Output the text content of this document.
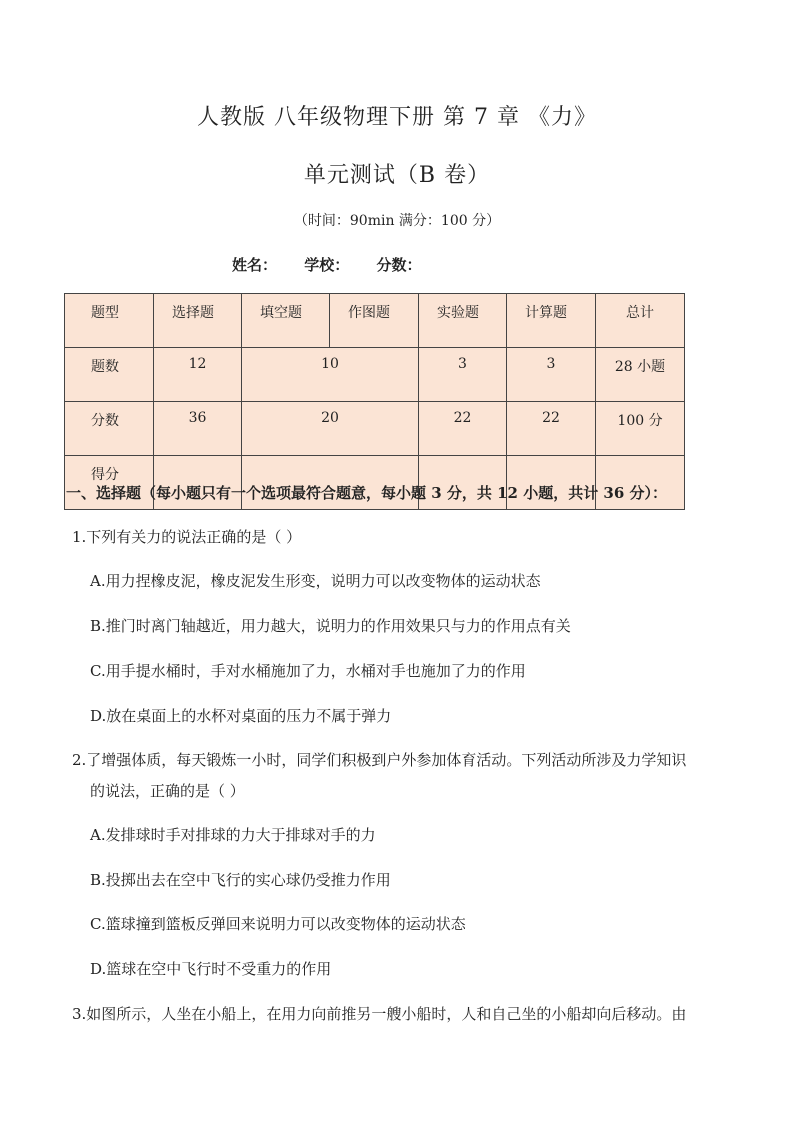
人教版 八年级物理下册 第 7 章 《力》
单元测试（B 卷）
（时间：90min 满分：100 分）
姓名： 学校： 分数：
题型	选择题	填空题	作图题	实验题	计算题	总计
题数	12	10		3	3	28 小题
分数	36	20		22	22	100 分
得分						
一、选择题（每小题只有一个选项最符合题意，每小题 3 分，共 12 小题，共计 36 分）：
1.下列有关力的说法正确的是（ ）
A.用力捏橡皮泥，橡皮泥发生形变，说明力可以改变物体的运动状态
B.推门时离门轴越近，用力越大，说明力的作用效果只与力的作用点有关
C.用手提水桶时，手对水桶施加了力，水桶对手也施加了力的作用
D.放在桌面上的水杯对桌面的压力不属于弹力
2.了增强体质，每天锻炼一小时，同学们积极到户外参加体育活动。下列活动所涉及力学知识
的说法，正确的是（ ）
A.发排球时手对排球的力大于排球对手的力
B.投掷出去在空中飞行的实心球仍受推力作用
C.篮球撞到篮板反弹回来说明力可以改变物体的运动状态
D.篮球在空中飞行时不受重力的作用
3.如图所示，人坐在小船上，在用力向前推另一艘小船时，人和自己坐的小船却向后移动。由
